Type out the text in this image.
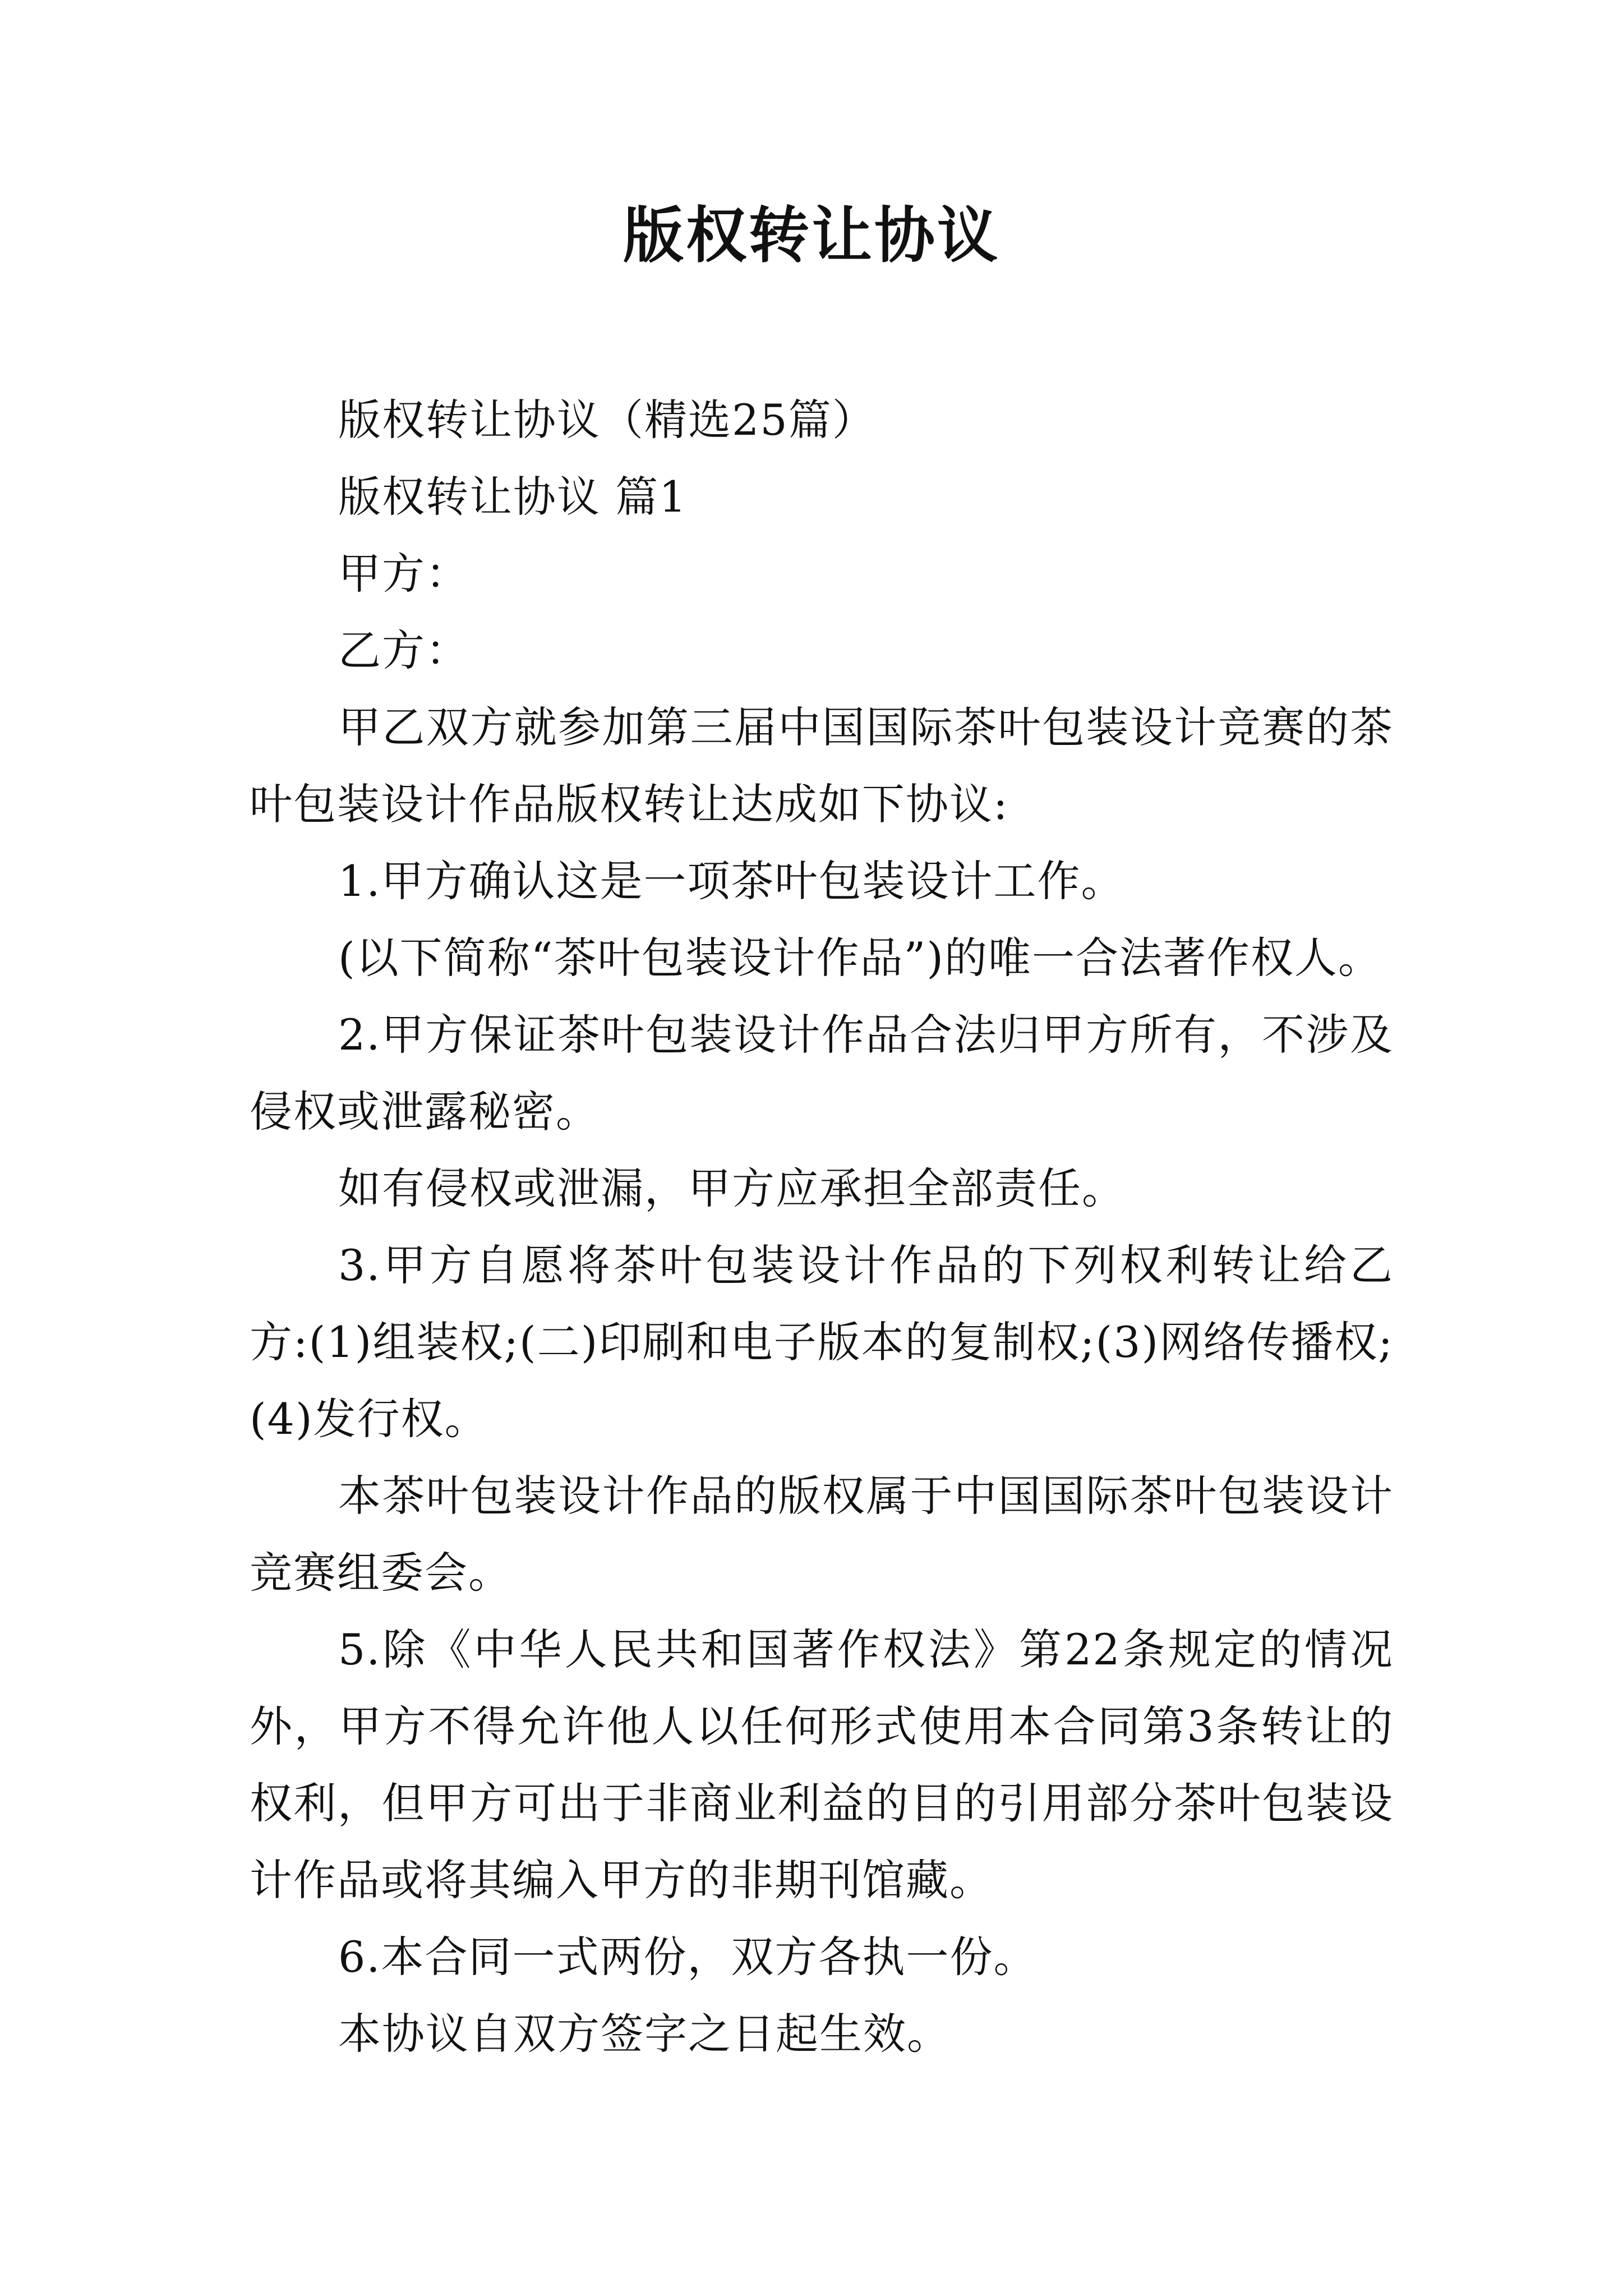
版权转让协议

版权转让协议（精选25篇）

版权转让协议 篇1

甲方：

乙方：

甲乙双方就参加第三届中国国际茶叶包装设计竞赛的茶叶包装设计作品版权转让达成如下协议:

1.甲方确认这是一项茶叶包装设计工作。

(以下简称“茶叶包装设计作品”)的唯一合法著作权人。

2.甲方保证茶叶包装设计作品合法归甲方所有，不涉及侵权或泄露秘密。

如有侵权或泄漏，甲方应承担全部责任。

3.甲方自愿将茶叶包装设计作品的下列权利转让给乙方:(1)组装权;(二)印刷和电子版本的复制权;(3)网络传播权;(4)发行权。

本茶叶包装设计作品的版权属于中国国际茶叶包装设计竞赛组委会。

5.除《中华人民共和国著作权法》第22条规定的情况外，甲方不得允许他人以任何形式使用本合同第3条转让的权利，但甲方可出于非商业利益的目的引用部分茶叶包装设计作品或将其编入甲方的非期刊馆藏。

6.本合同一式两份，双方各执一份。

本协议自双方签字之日起生效。
